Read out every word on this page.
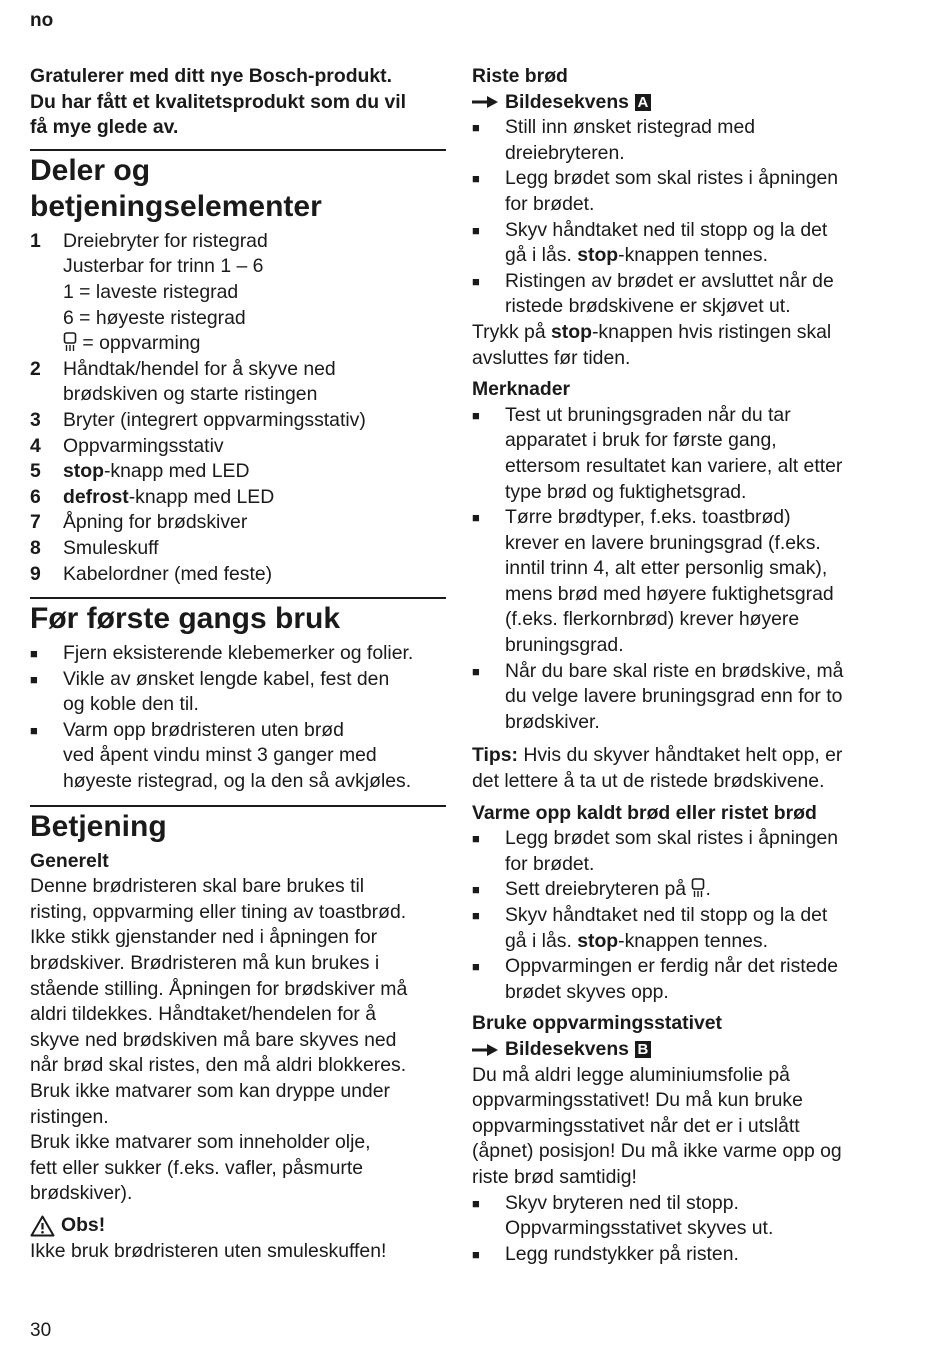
no

Gratulerer med ditt nye Bosch-produkt.
Du har fått et kvalitetsprodukt som du vil
få mye glede av.

Deler og
betjeningselementer
1	Dreiebryter for ristegrad
Justerbar for trinn 1 – 6
1 = laveste ristegrad
6 = høyeste ristegrad
= oppvarming
2	Håndtak/hendel for å skyve ned
brødskiven og starte ristingen
3	Bryter (integrert oppvarmingsstativ)
4	Oppvarmingsstativ
5	stop-knapp med LED
6	defrost-knapp med LED
7	Åpning for brødskiver
8	Smuleskuff
9	Kabelordner (med feste)
Før første gangs bruk
■	Fjern eksisterende klebemerker og folier.
■	Vikle av ønsket lengde kabel, fest den
og koble den til.
■	Varm opp brødristeren uten brød
ved åpent vindu minst 3 ganger med
høyeste ristegrad, og la den så avkjøles.
Betjening
Generelt

Denne brødristeren skal bare brukes til
risting, oppvarming eller tining av toastbrød.
Ikke stikk gjenstander ned i åpningen for
brødskiver. Brødristeren må kun brukes i
stående stilling. Åpningen for brødskiver må
aldri tildekkes. Håndtaket/hendelen for å
skyve ned brødskiven må bare skyves ned
når brød skal ristes, den må aldri blokkeres.
Bruk ikke matvarer som kan dryppe under
ristingen.
Bruk ikke matvarer som inneholder olje,
fett eller sukker (f.eks. vafler, påsmurte
brødskiver).

Obs!

Ikke bruk brødristeren uten smuleskuffen!

Riste brød
Bildesekvens A
■	Still inn ønsket ristegrad med
dreiebryteren.
■	Legg brødet som skal ristes i åpningen
for brødet.
■	Skyv håndtaket ned til stopp og la det
gå i lås. stop-knappen tennes.
■	Ristingen av brødet er avsluttet når de
ristede brødskivene er skjøvet ut.

Trykk på stop-knappen hvis ristingen skal
avsluttes før tiden.

Merknader
■	Test ut bruningsgraden når du tar
apparatet i bruk for første gang,
ettersom resultatet kan variere, alt etter
type brød og fuktighetsgrad.
■	Tørre brødtyper, f.eks. toastbrød)
krever en lavere bruningsgrad (f.eks.
inntil trinn 4, alt etter personlig smak),
mens brød med høyere fuktighetsgrad
(f.eks. flerkornbrød) krever høyere
bruningsgrad.
■	Når du bare skal riste en brødskive, må
du velge lavere bruningsgrad enn for to
brødskiver.

Tips: Hvis du skyver håndtaket helt opp, er
det lettere å ta ut de ristede brødskivene.

Varme opp kaldt brød eller ristet brød
■	Legg brødet som skal ristes i åpningen
for brødet.
■	Sett dreiebryteren på .
■	Skyv håndtaket ned til stopp og la det
gå i lås. stop-knappen tennes.
■	Oppvarmingen er ferdig når det ristede
brødet skyves opp.
Bruke oppvarmingsstativet
Bildesekvens B

Du må aldri legge aluminiumsfolie på
oppvarmingsstativet! Du må kun bruke
oppvarmingsstativet når det er i utslått
(åpnet) posisjon! Du må ikke varme opp og
riste brød samtidig!

■	Skyv bryteren ned til stopp.
Oppvarmingsstativet skyves ut.
■	Legg rundstykker på risten.
30
